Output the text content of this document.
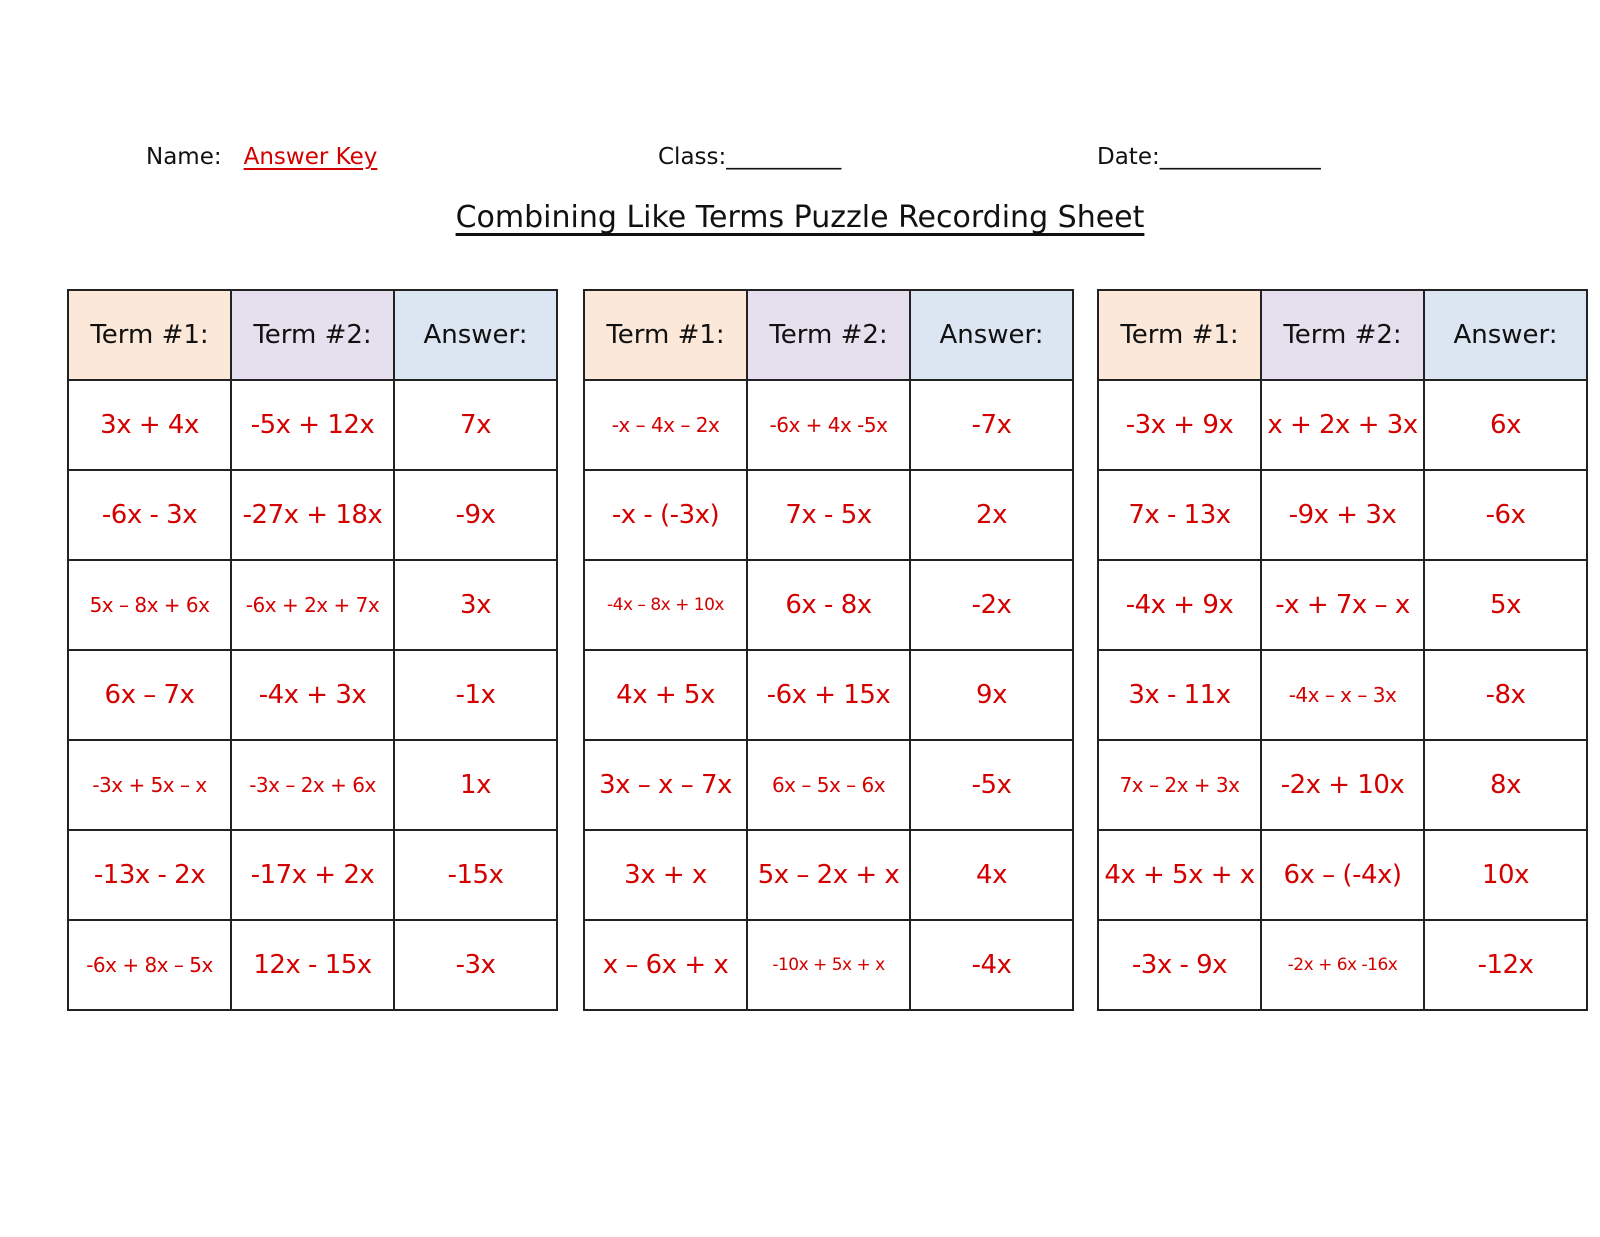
Name: Answer Key	Class:__________	Date:______________
Combining Like Terms Puzzle Recording Sheet
Term #1:	Term #2:	Answer:
3x + 4x	-5x + 12x	7x
-6x - 3x	-27x + 18x	-9x
5x – 8x + 6x	-6x + 2x + 7x	3x
6x – 7x	-4x + 3x	-1x
-3x + 5x – x	-3x – 2x + 6x	1x
-13x - 2x	-17x + 2x	-15x
-6x + 8x – 5x	12x - 15x	-3x
Term #1:	Term #2:	Answer:
-x – 4x – 2x	-6x + 4x -5x	-7x
-x - (-3x)	7x - 5x	2x
-4x – 8x + 10x	6x - 8x	-2x
4x + 5x	-6x + 15x	9x
3x – x – 7x	6x – 5x – 6x	-5x
3x + x	5x – 2x + x	4x
x – 6x + x	-10x + 5x + x	-4x
Term #1:	Term #2:	Answer:
-3x + 9x	x + 2x + 3x	6x
7x - 13x	-9x + 3x	-6x
-4x + 9x	-x + 7x – x	5x
3x - 11x	-4x – x – 3x	-8x
7x – 2x + 3x	-2x + 10x	8x
4x + 5x + x	6x – (-4x)	10x
-3x - 9x	-2x + 6x -16x	-12x
